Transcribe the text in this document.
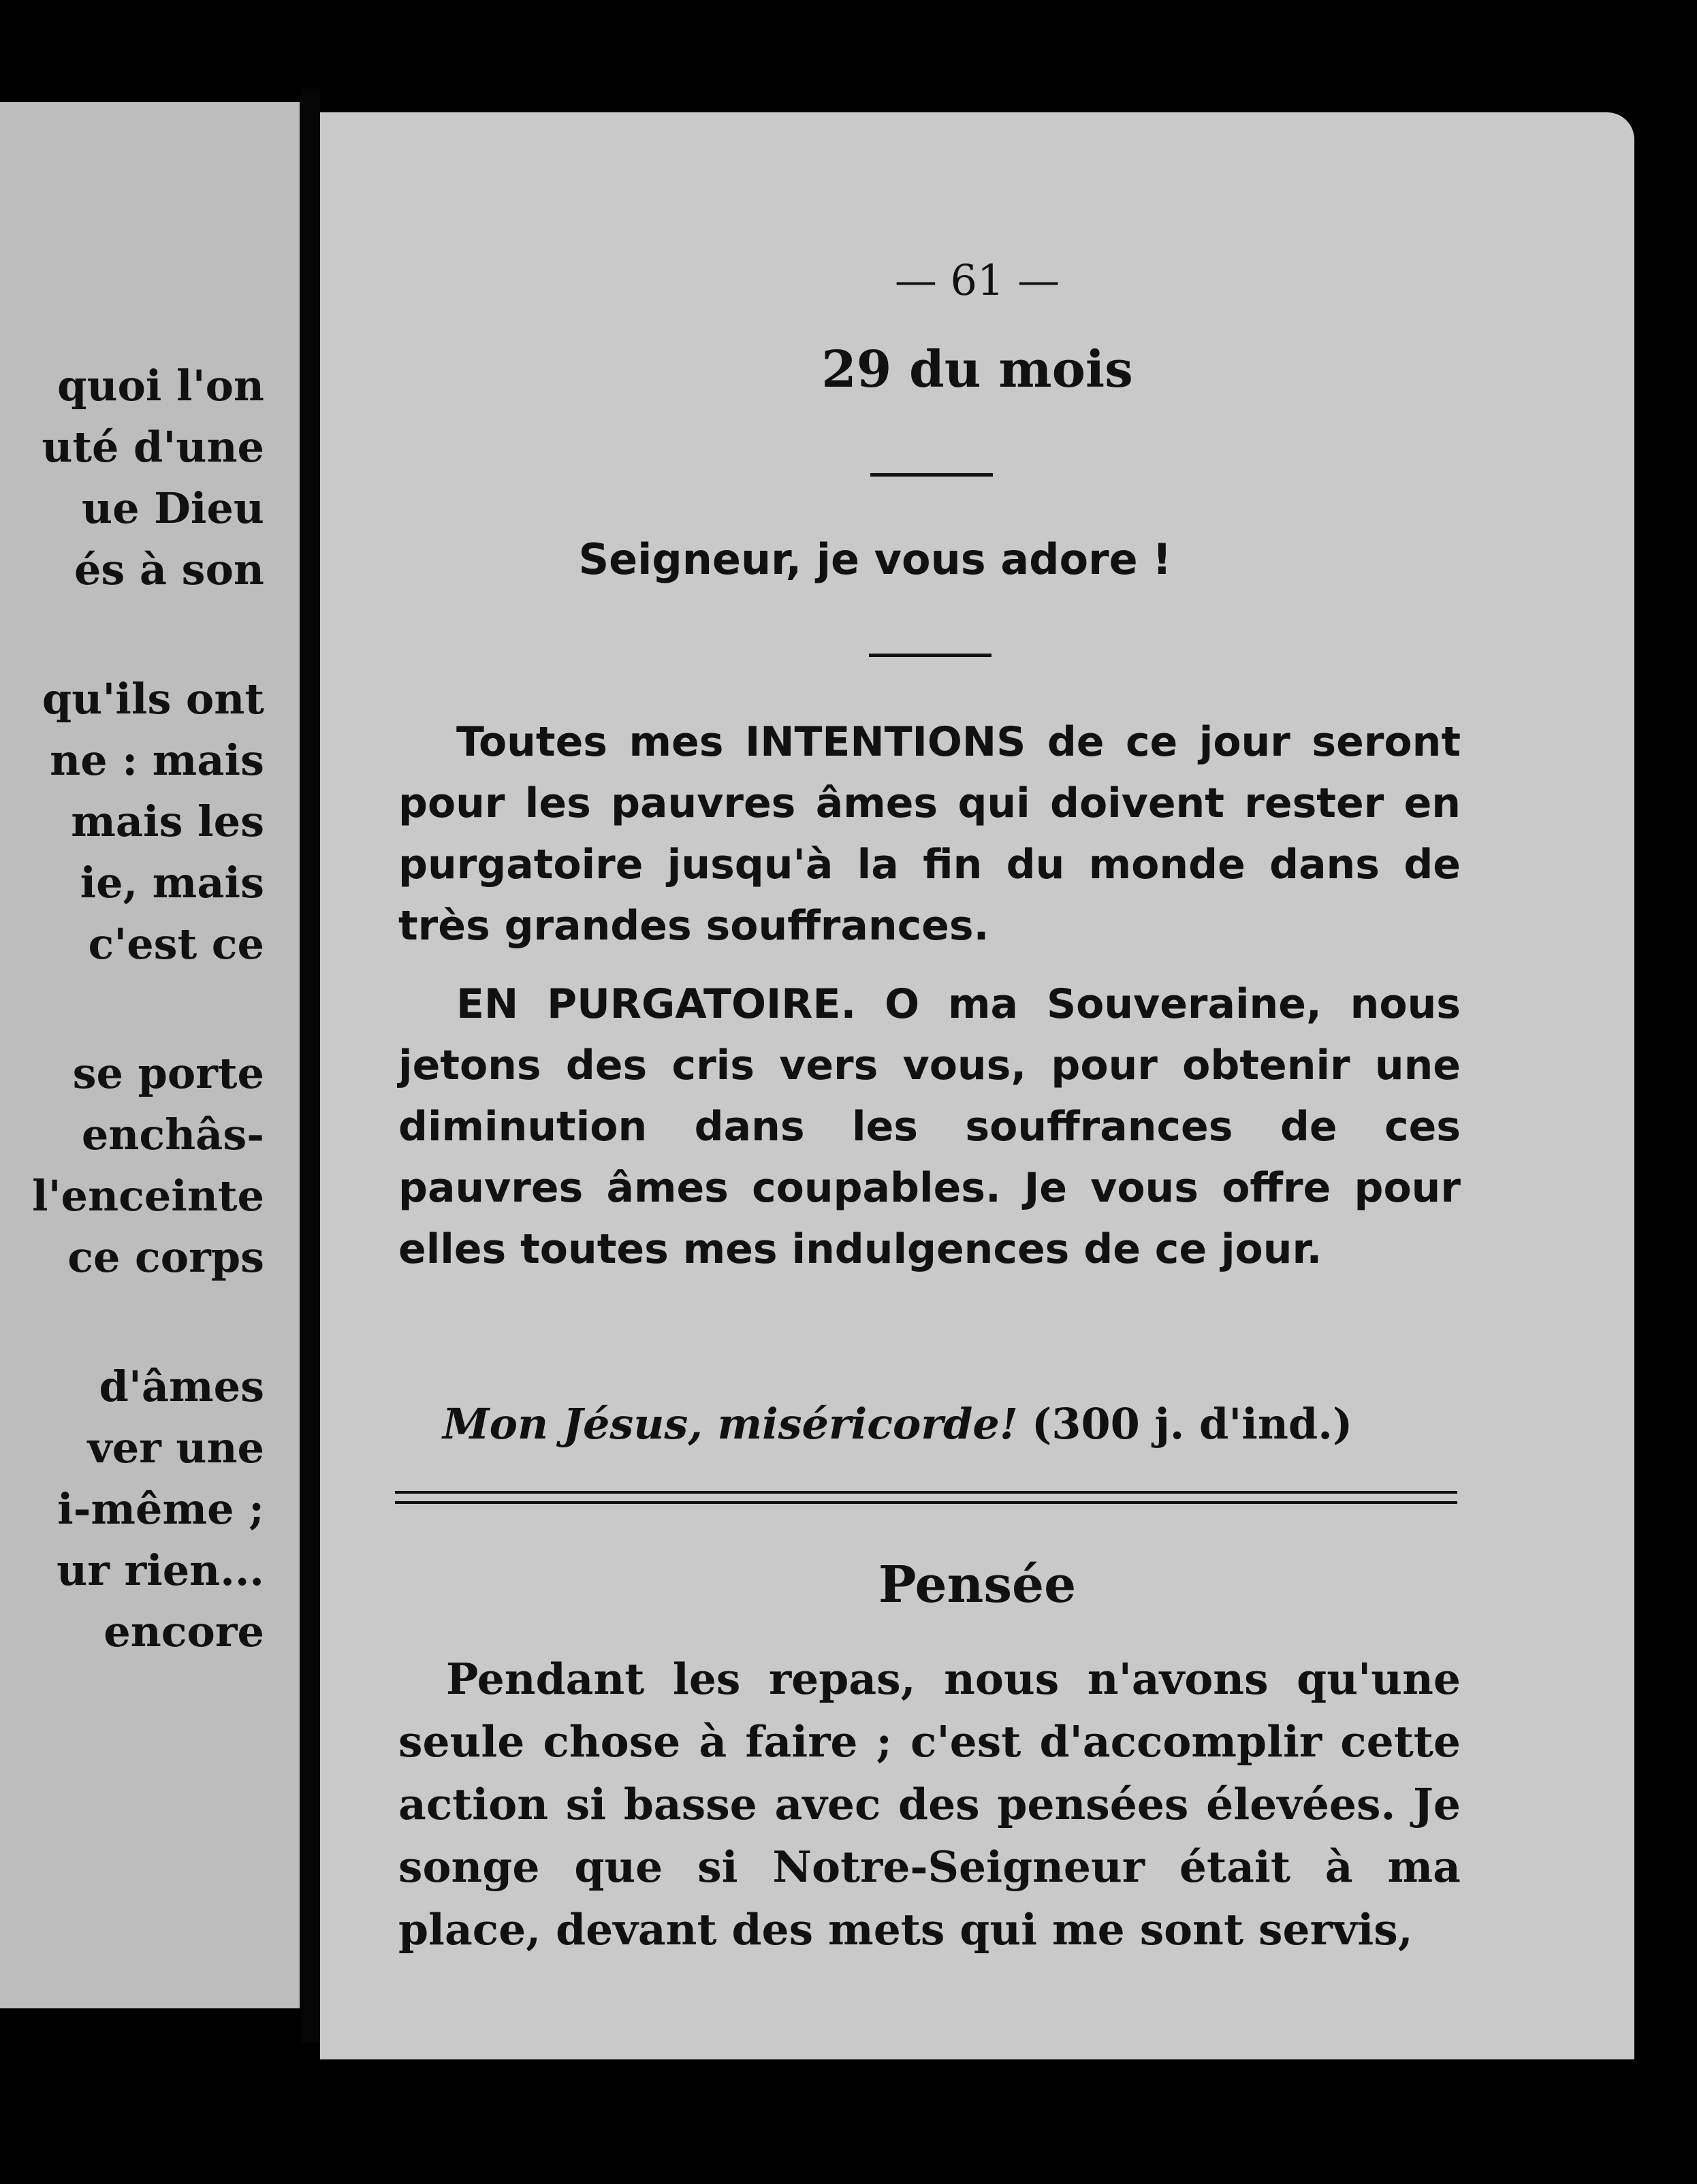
quoi l'on
uté d'une
ue Dieu
és à son
qu'ils ont
ne : mais
mais les
ie, mais
c'est ce
se porte
enchâs-
l'enceinte
ce corps
d'âmes
ver une
i-même ;
ur rien...
encore
— 61 —
29 du mois
Seigneur, je vous adore !

Toutes mes INTENTIONS de ce jour seront pour les pauvres âmes qui doivent rester en purgatoire jusqu'à la fin du monde dans de très grandes souffrances.

EN PURGATOIRE. O ma Souveraine, nous jetons des cris vers vous, pour obtenir une diminution dans les souffrances de ces pauvres âmes coupables. Je vous offre pour elles toutes mes indulgences de ce jour.

Mon Jésus, miséricorde! (300 j. d'ind.)
Pensée

Pendant les repas, nous n'avons qu'une seule chose à faire ; c'est d'accomplir cette action si basse avec des pensées élevées. Je songe que si Notre-Seigneur était à ma place, devant des mets qui me sont servis,
